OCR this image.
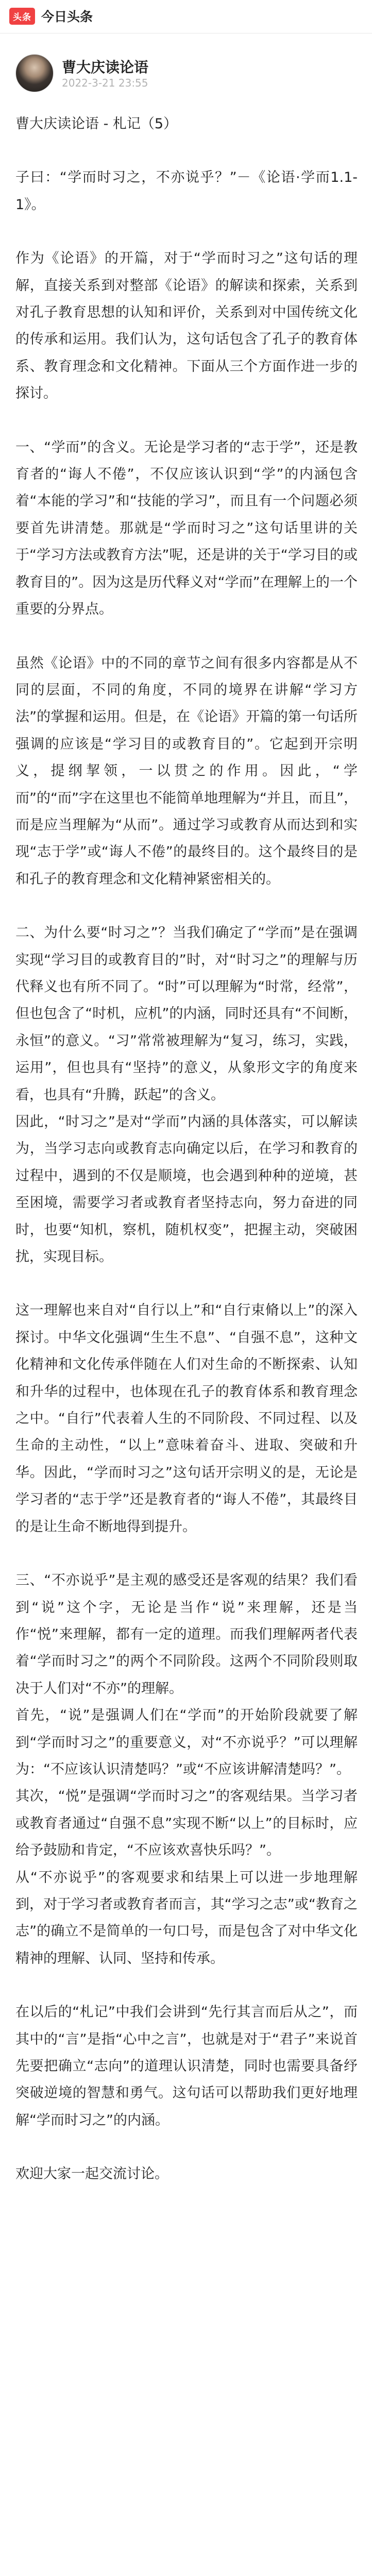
头条 今日头条
曹大庆读论语
2022-3-21 23:55

曹大庆读论语 - 札记（5）

子曰：“学而时习之，不亦说乎？”－《论语·学而1.1-1》。

作为《论语》的开篇，对于“学而时习之”这句话的理解，直接关系到对整部《论语》的解读和探索，关系到对孔子教育思想的认知和评价，关系到对中国传统文化的传承和运用。我们认为，这句话包含了孔子的教育体系、教育理念和文化精神。下面从三个方面作进一步的探讨。

一、“学而”的含义。无论是学习者的“志于学”，还是教育者的“诲人不倦”，不仅应该认识到“学”的内涵包含着“本能的学习”和“技能的学习”，而且有一个问题必须要首先讲清楚。那就是“学而时习之”这句话里讲的关于“学习方法或教育方法”呢，还是讲的关于“学习目的或教育目的”。因为这是历代释义对“学而”在理解上的一个重要的分界点。

虽然《论语》中的不同的章节之间有很多内容都是从不同的层面，不同的角度，不同的境界在讲解“学习方法”的掌握和运用。但是，在《论语》开篇的第一句话所强调的应该是“学习目的或教育目的”。它起到开宗明义，提纲挈领，一以贯之的作用。因此，“学而”的“而”字在这里也不能简单地理解为“并且，而且”，而是应当理解为“从而”。通过学习或教育从而达到和实现“志于学”或“诲人不倦”的最终目的。这个最终目的是和孔子的教育理念和文化精神紧密相关的。

二、为什么要“时习之”？当我们确定了“学而”是在强调实现“学习目的或教育目的”时，对“时习之”的理解与历代释义也有所不同了。“时”可以理解为“时常，经常”，但也包含了“时机，应机”的内涵，同时还具有“不间断，永恒”的意义。“习”常常被理解为“复习，练习，实践，运用”，但也具有“坚持”的意义，从象形文字的角度来看，也具有“升腾，跃起”的含义。

因此，“时习之”是对“学而”内涵的具体落实，可以解读为，当学习志向或教育志向确定以后，在学习和教育的过程中，遇到的不仅是顺境，也会遇到种种的逆境，甚至困境，需要学习者或教育者坚持志向，努力奋进的同时，也要“知机，察机，随机权变”，把握主动，突破困扰，实现目标。

这一理解也来自对“自行以上”和“自行束脩以上”的深入探讨。中华文化强调“生生不息”、“自强不息”，这种文化精神和文化传承伴随在人们对生命的不断探索、认知和升华的过程中，也体现在孔子的教育体系和教育理念之中。“自行”代表着人生的不同阶段、不同过程、以及生命的主动性，“以上”意味着奋斗、进取、突破和升华。因此，“学而时习之”这句话开宗明义的是，无论是学习者的“志于学”还是教育者的“诲人不倦”，其最终目的是让生命不断地得到提升。

三、“不亦说乎”是主观的感受还是客观的结果？我们看到“说”这个字，无论是当作“说”来理解，还是当作“悦”来理解，都有一定的道理。而我们理解两者代表着“学而时习之”的两个不同阶段。这两个不同阶段则取决于人们对“不亦”的理解。

首先，“说”是强调人们在“学而”的开始阶段就要了解到“学而时习之”的重要意义，对“不亦说乎？”可以理解为：“不应该认识清楚吗？”或“不应该讲解清楚吗？”。

其次，“悦”是强调“学而时习之”的客观结果。当学习者或教育者通过“自强不息”实现不断“以上”的目标时，应给予鼓励和肯定，“不应该欢喜快乐吗？”。

从“不亦说乎”的客观要求和结果上可以进一步地理解到，对于学习者或教育者而言，其“学习之志”或“教育之志”的确立不是简单的一句口号，而是包含了对中华文化精神的理解、认同、坚持和传承。

在以后的“札记”中我们会讲到“先行其言而后从之”，而其中的“言”是指“心中之言”，也就是对于“君子”来说首先要把确立“志向”的道理认识清楚，同时也需要具备纾突破逆境的智慧和勇气。这句话可以帮助我们更好地理解“学而时习之”的内涵。

欢迎大家一起交流讨论。
